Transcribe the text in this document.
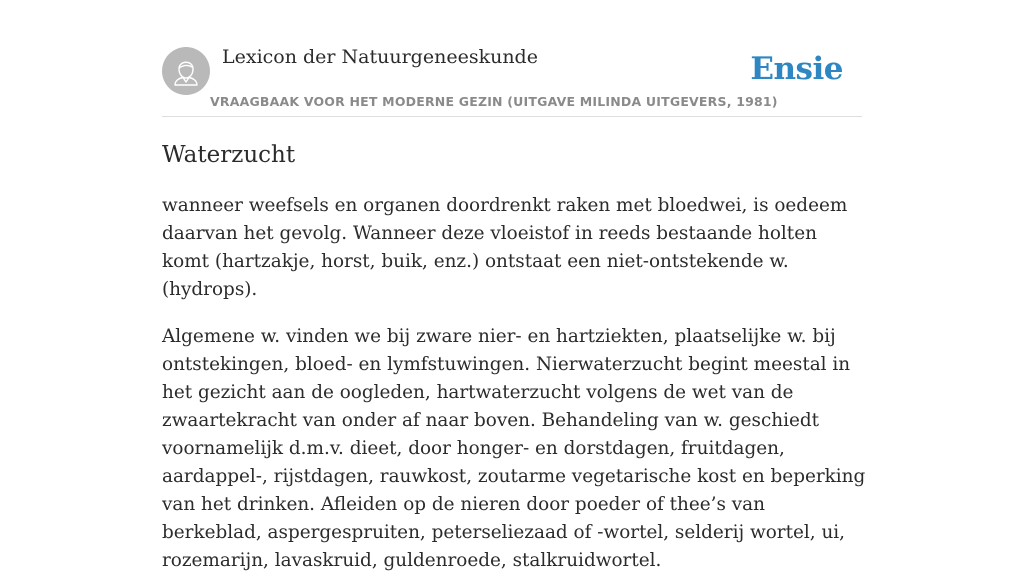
Lexicon der Natuurgeneeskunde
VRAAGBAAK VOOR HET MODERNE GEZIN (UITGAVE MILINDA UITGEVERS, 1981)
Ensie
Waterzucht

wanneer weefsels en organen doordrenkt raken met bloedwei, is oedeem daarvan het gevolg. Wanneer deze vloeistof in reeds bestaande holten komt (hartzakje, horst, buik, enz.) ontstaat een niet-ontstekende w. (hydrops).

Algemene w. vinden we bij zware nier- en hartziekten, plaatselijke w. bij ontstekingen, bloed- en lymfstuwingen. Nierwaterzucht begint meestal in het gezicht aan de oogleden, hartwaterzucht volgens de wet van de zwaartekracht van onder af naar boven. Behandeling van w. geschiedt voornamelijk d.m.v. dieet, door honger- en dorstdagen, fruitdagen, aardappel-, rijstdagen, rauwkost, zoutarme vegetarische kost en beperking van het drinken. Afleiden op de nieren door poeder of thee’s van berkeblad, aspergespruiten, peterseliezaad of -wortel, selderij wortel, ui, rozemarijn, lavaskruid, guldenroede, stalkruidwortel.
